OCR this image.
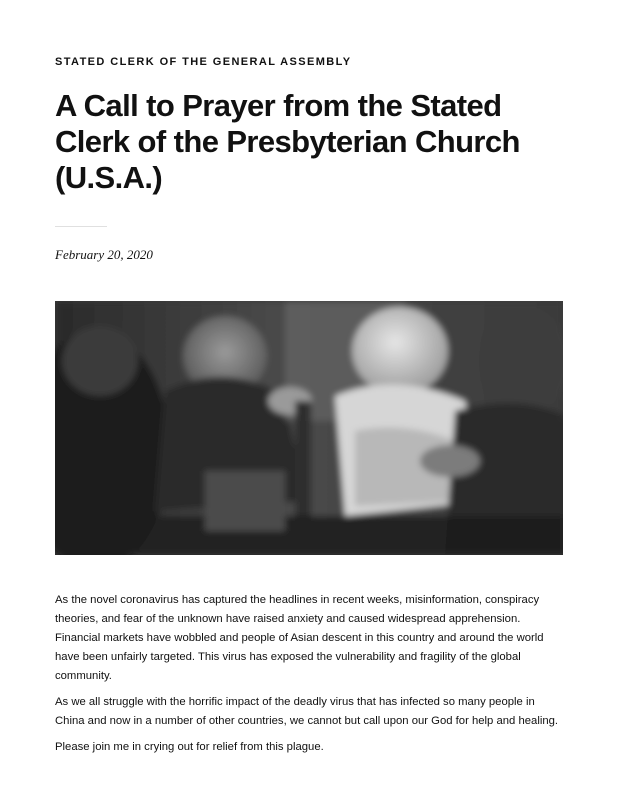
STATED CLERK OF THE GENERAL ASSEMBLY
A Call to Prayer from the Stated Clerk of the Presbyterian Church (U.S.A.)
February 20, 2020

As the novel coronavirus has captured the headlines in recent weeks, misinformation, conspiracy theories, and fear of the unknown have raised anxiety and caused widespread apprehension. Financial markets have wobbled and people of Asian descent in this country and around the world have been unfairly targeted. This virus has exposed the vulnerability and fragility of the global community.

As we all struggle with the horrific impact of the deadly virus that has infected so many people in China and now in a number of other countries, we cannot but call upon our God for help and healing.

Please join me in crying out for relief from this plague.
